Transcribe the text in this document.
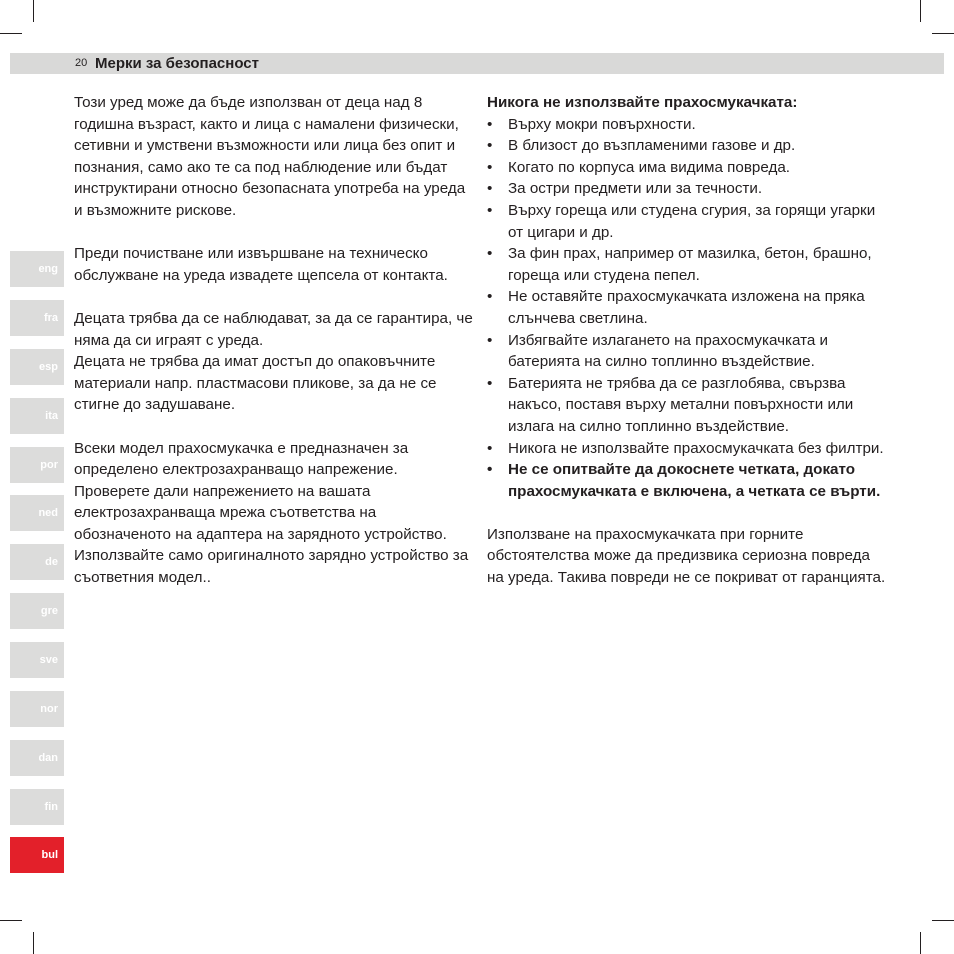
20 Мерки за безопасност
eng
fra
esp
ita
por
ned
de
gre
sve
nor
dan
fin
bul

Този уред може да бъде използван от деца над 8 годишна възраст, както и лица с намалени физически, сетивни и умствени възможности или лица без опит и познания, само ако те са под наблюдение или бъдат инструктирани относно безопасната употреба на уреда и възможните рискове.

Преди почистване или извършване на техническо обслужване на уреда извадете щепсела от контакта.

Децата трябва да се наблюдават, за да се гарантира, че няма да си играят с уреда.

Децата не трябва да имат достъп до опаковъчните материали напр. пластмасови пликове, за да не се стигне до задушаване.

Всеки модел прахосмукачка е предназначен за определено електрозахранващо напрежение. Проверете дали напрежението на вашата електрозахранваща мрежа съответства на обозначеното на адаптера на зарядното устройство. Използвайте само оригиналното зарядно устройство за съответния модел..

Никога не използвайте прахосмукачката:

• Върху мокри повърхности.
• В близост до възпламеними газове и др.
• Когато по корпуса има видима повреда.
• За остри предмети или за течности.
• Върху гореща или студена сгурия, за горящи угарки от цигари и др.
• За фин прах, например от мазилка, бетон, брашно, гореща или студена пепел.
• Не оставяйте прахосмукачката изложена на пряка слънчева светлина.
• Избягвайте излагането на прахосмукачката и батерията на силно топлинно въздействие.
• Батерията не трябва да се разглобява, свързва накъсо, поставя върху метални повърхности или излага на силно топлинно въздействие.
• Никога не използвайте прахосмукачката без филтри.
• Не се опитвайте да докоснете четката, докато прахосмукачката е включена, а четката се върти.

Използване на прахосмукачката при горните обстоятелства може да предизвика сериозна повреда на уреда. Такива повреди не се покриват от гаранцията.
